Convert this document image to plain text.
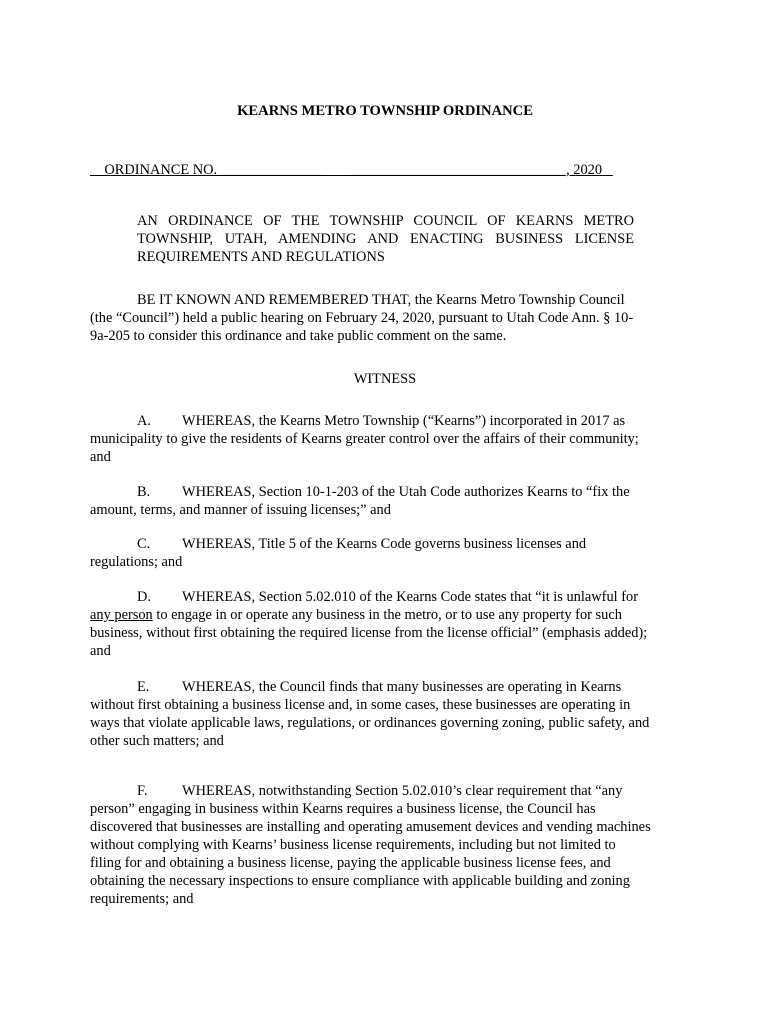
KEARNS METRO TOWNSHIP ORDINANCE
ORDINANCE NO. ______________        ______________________________, 2020
AN ORDINANCE OF THE TOWNSHIP COUNCIL OF KEARNS METRO TOWNSHIP, UTAH, AMENDING AND ENACTING BUSINESS LICENSE REQUIREMENTS AND REGULATIONS
BE IT KNOWN AND REMEMBERED THAT, the Kearns Metro Township Council
(the “Council”) held a public hearing on February 24, 2020, pursuant to Utah Code Ann. § 10-
9a-205 to consider this ordinance and take public comment on the same.
WITNESS
A. WHEREAS, the Kearns Metro Township (“Kearns”) incorporated in 2017 as
municipality to give the residents of Kearns greater control over the affairs of their community;
and
B. WHEREAS, Section 10-1-203 of the Utah Code authorizes Kearns to “fix the
amount, terms, and manner of issuing licenses;” and
C. WHEREAS, Title 5 of the Kearns Code governs business licenses and
regulations; and
D. WHEREAS, Section 5.02.010 of the Kearns Code states that “it is unlawful for
any person to engage in or operate any business in the metro, or to use any property for such
business, without first obtaining the required license from the license official” (emphasis added);
and
E. WHEREAS, the Council finds that many businesses are operating in Kearns
without first obtaining a business license and, in some cases, these businesses are operating in
ways that violate applicable laws, regulations, or ordinances governing zoning, public safety, and
other such matters; and
F. WHEREAS, notwithstanding Section 5.02.010’s clear requirement that “any
person” engaging in business within Kearns requires a business license, the Council has
discovered that businesses are installing and operating amusement devices and vending machines
without complying with Kearns’ business license requirements, including but not limited to
filing for and obtaining a business license, paying the applicable business license fees, and
obtaining the necessary inspections to ensure compliance with applicable building and zoning
requirements; and
